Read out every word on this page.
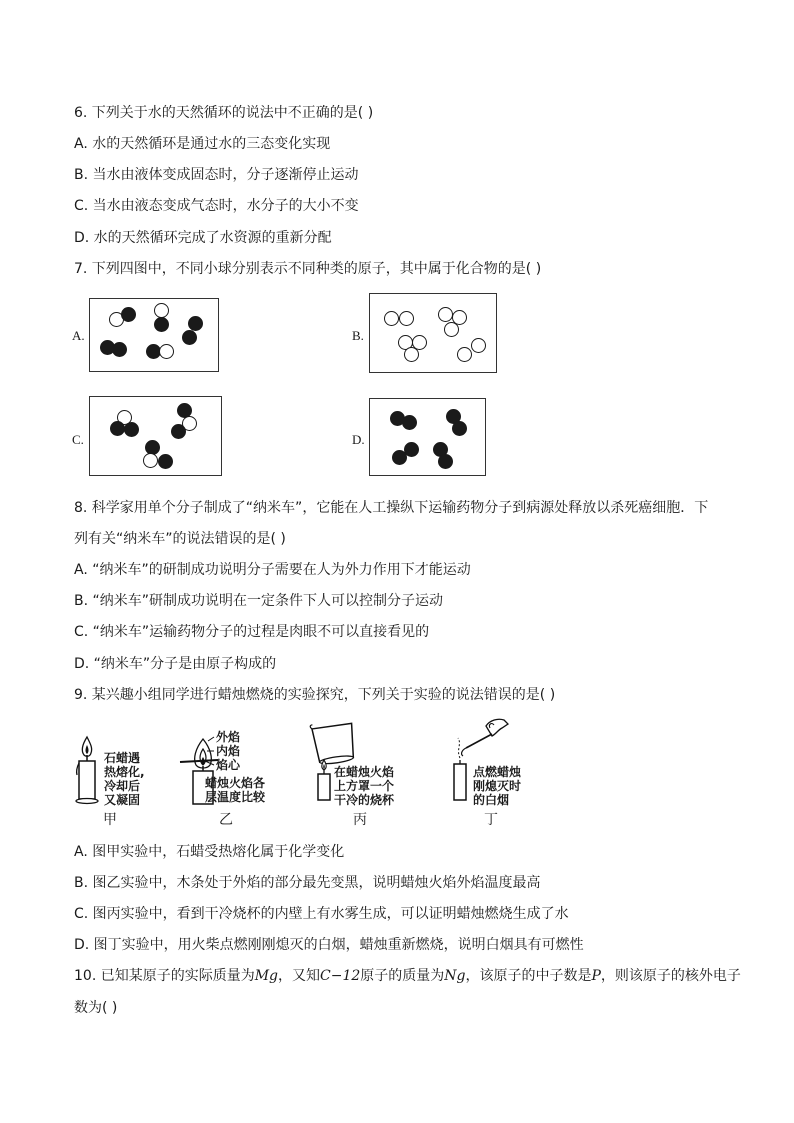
6. 下列关于水的天然循环的说法中不正确的是( )
A. 水的天然循环是通过水的三态变化实现
B. 当水由液体变成固态时，分子逐渐停止运动
C. 当水由液态变成气态时，水分子的大小不变
D. 水的天然循环完成了水资源的重新分配
7. 下列四图中，不同小球分别表示不同种类的原子，其中属于化合物的是( )
A.	B.
C.	D.
8. 科学家用单个分子制成了“纳米车”，它能在人工操纵下运输药物分子到病源处释放以杀死癌细胞．下
列有关“纳米车”的说法错误的是( )
A. “纳米车”的研制成功说明分子需要在人为外力作用下才能运动
B. “纳米车”研制成功说明在一定条件下人可以控制分子运动
C. “纳米车”运输药物分子的过程是肉眼不可以直接看见的
D. “纳米车”分子是由原子构成的
9. 某兴趣小组同学进行蜡烛燃烧的实验探究，下列关于实验的说法错误的是( )
石蜡遇
热熔化,
冷却后
又凝固
甲
外焰
内焰
焰心
蜡烛火焰各
层温度比较
乙
在蜡烛火焰
上方罩一个
干冷的烧杯
丙
点燃蜡烛
刚熄灭时
的白烟
丁
A. 图甲实验中，石蜡受热熔化属于化学变化
B. 图乙实验中，木条处于外焰的部分最先变黑，说明蜡烛火焰外焰温度最高
C. 图丙实验中，看到干冷烧杯的内壁上有水雾生成，可以证明蜡烛燃烧生成了水
D. 图丁实验中，用火柴点燃刚刚熄灭的白烟，蜡烛重新燃烧，说明白烟具有可燃性
10. 已知某原子的实际质量为Mg，又知C−12原子的质量为Ng，该原子的中子数是P，则该原子的核外电子
数为( )
